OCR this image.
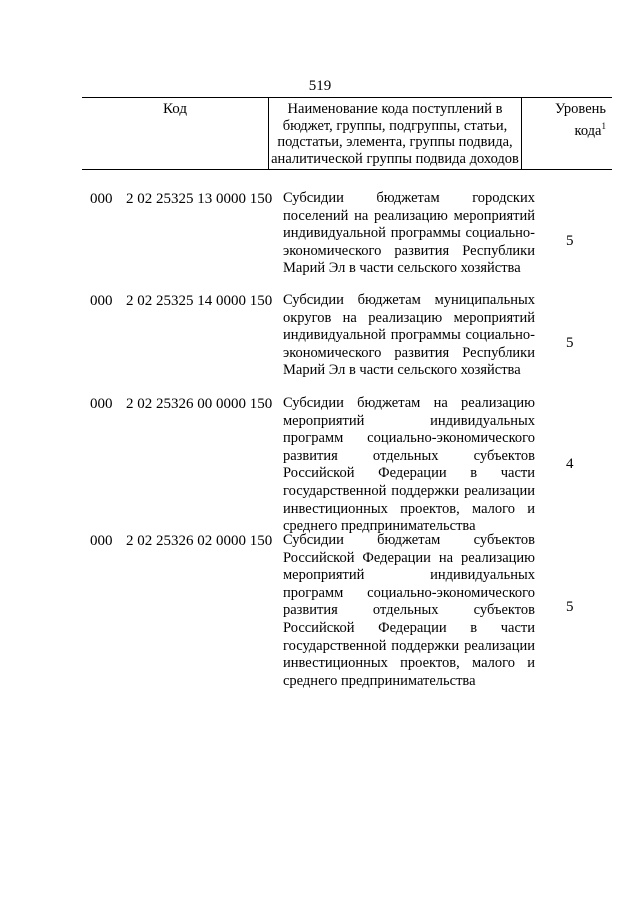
519
Код	Наименование кода поступлений в бюджет, группы, подгруппы, статьи, подстатьи, элемента, группы подвида, аналитической группы подвида доходов
Уровень кода$^1$
000 2 02 25325 13 0000 150 Субсидии бюджетам городских поселений на реализацию мероприятий индивидуальной программы социально-экономического развития Республики Марий Эл в части сельского хозяйства
5
000 2 02 25325 14 0000 150 Субсидии бюджетам муниципальных округов на реализацию мероприятий индивидуальной программы социально-экономического развития Республики Марий Эл в части сельского хозяйства
5
000 2 02 25326 00 0000 150 Субсидии бюджетам на реализацию мероприятий индивидуальных программ социально-экономического развития отдельных субъектов Российской Федерации в части государственной поддержки реализации инвестиционных проектов, малого и среднего предпринимательства
4
000 2 02 25326 02 0000 150 Субсидии бюджетам субъектов Российской Федерации на реализацию мероприятий индивидуальных программ социально-экономического развития отдельных субъектов Российской Федерации в части государственной поддержки реализации инвестиционных проектов, малого и среднего предпринимательства
5
